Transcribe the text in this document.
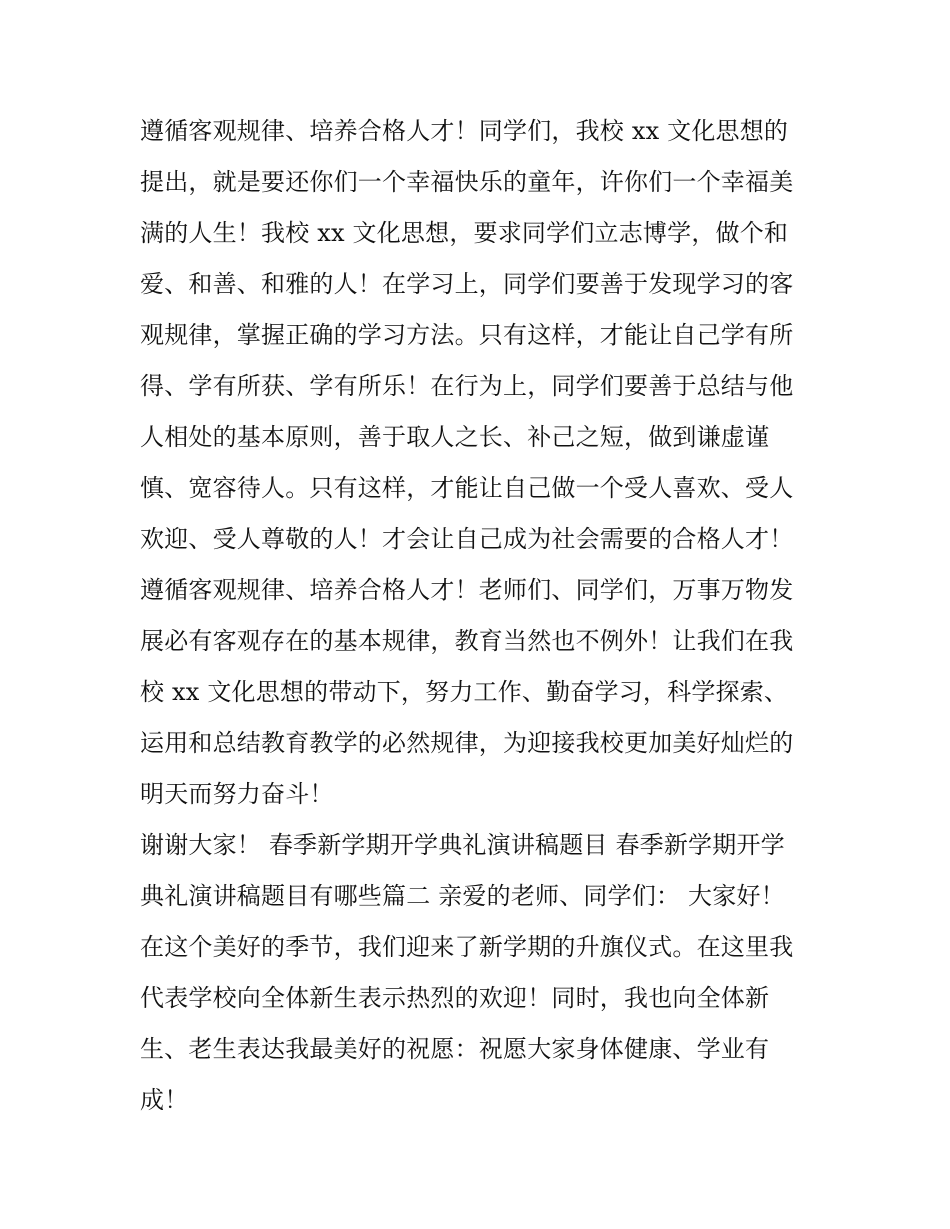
遵循客观规律、培养合格人才！同学们，我校 xx 文化思想的
提出，就是要还你们一个幸福快乐的童年，许你们一个幸福美
满的人生！我校 xx 文化思想，要求同学们立志博学，做个和
爱、和善、和雅的人！在学习上，同学们要善于发现学习的客
观规律，掌握正确的学习方法。只有这样，才能让自己学有所
得、学有所获、学有所乐！在行为上，同学们要善于总结与他
人相处的基本原则，善于取人之长、补己之短，做到谦虚谨
慎、宽容待人。只有这样，才能让自己做一个受人喜欢、受人
欢迎、受人尊敬的人！才会让自己成为社会需要的合格人才！
遵循客观规律、培养合格人才！老师们、同学们，万事万物发
展必有客观存在的基本规律，教育当然也不例外！让我们在我
校 xx 文化思想的带动下，努力工作、勤奋学习，科学探索、
运用和总结教育教学的必然规律，为迎接我校更加美好灿烂的
明天而努力奋斗！
谢谢大家！ 春季新学期开学典礼演讲稿题目 春季新学期开学
典礼演讲稿题目有哪些篇二 亲爱的老师、同学们： 大家好！
在这个美好的季节，我们迎来了新学期的升旗仪式。在这里我
代表学校向全体新生表示热烈的欢迎！同时，我也向全体新
生、老生表达我最美好的祝愿：祝愿大家身体健康、学业有
成！
